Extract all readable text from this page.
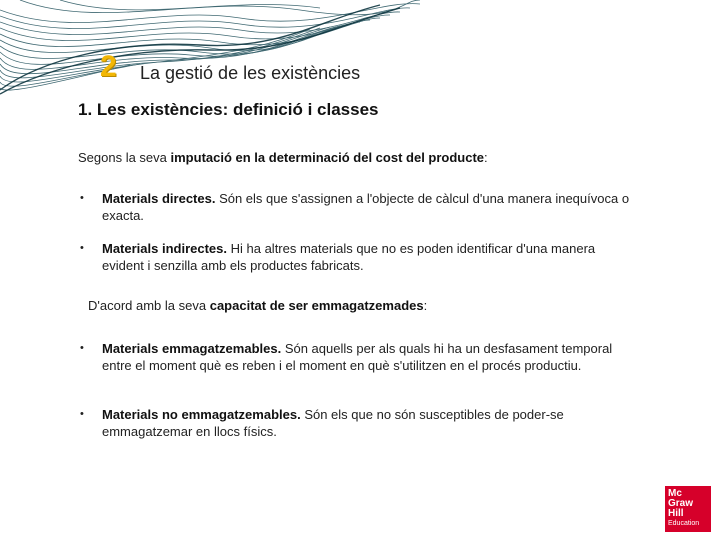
2 La gestió de les existències
1. Les existències: definició i classes
Segons la seva imputació en la determinació del cost del producte:
• Materials directes. Són els que s'assignen a l'objecte de càlcul d'una manera inequívoca o exacta.
• Materials indirectes. Hi ha altres materials que no es poden identificar d'una manera evident i senzilla amb els productes fabricats.
D'acord amb la seva capacitat de ser emmagatzemades:
• Materials emmagatzemables. Són aquells per als quals hi ha un desfasament temporal entre el moment què es reben i el moment en què s'utilitzen en el procés productiu.
• Materials no emmagatzemables. Són els que no són susceptibles de poder-se emmagatzemar en llocs físics.
Mc
Graw
Hill
Education
